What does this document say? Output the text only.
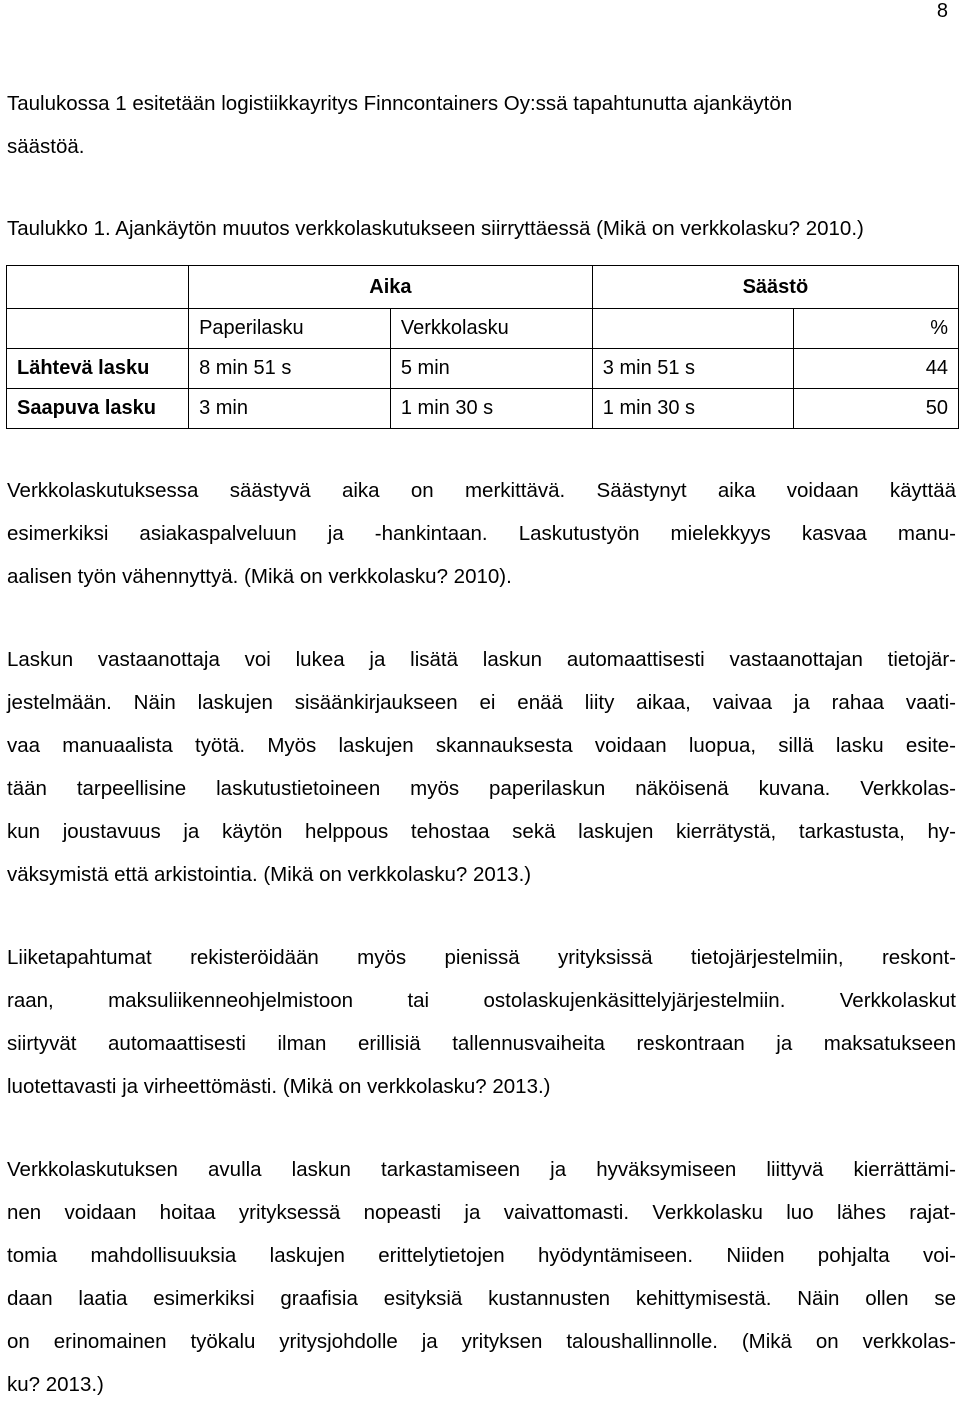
8

Taulukossa 1 esitetään logistiikkayritys Finncontainers Oy:ssä tapahtunutta ajankäytön
säästöä.

Taulukko 1. Ajankäytön muutos verkkolaskutukseen siirryttäessä (Mikä on verkkolasku? 2010.)
	Aika		Säästö	
	Paperilasku	Verkkolasku		%
Lähtevä lasku	8 min 51 s	5 min	3 min 51 s	44
Saapuva lasku	3 min	1 min 30 s	1 min 30 s	50

Verkkolaskutuksessa säästyvä aika on merkittävä. Säästynyt aika voidaan käyttää
esimerkiksi asiakaspalveluun ja -hankintaan. Laskutustyön mielekkyys kasvaa manu-
aalisen työn vähennyttyä. (Mikä on verkkolasku? 2010).

Laskun vastaanottaja voi lukea ja lisätä laskun automaattisesti vastaanottajan tietojär-
jestelmään. Näin laskujen sisäänkirjaukseen ei enää liity aikaa, vaivaa ja rahaa vaati-
vaa manuaalista työtä. Myös laskujen skannauksesta voidaan luopua, sillä lasku esite-
tään tarpeellisine laskutustietoineen myös paperilaskun näköisenä kuvana. Verkkolas-
kun joustavuus ja käytön helppous tehostaa sekä laskujen kierrätystä, tarkastusta, hy-
väksymistä että arkistointia. (Mikä on verkkolasku? 2013.)

Liiketapahtumat rekisteröidään myös pienissä yrityksissä tietojärjestelmiin, reskont-
raan, maksuliikenneohjelmistoon tai ostolaskujenkäsittelyjärjestelmiin. Verkkolaskut
siirtyvät automaattisesti ilman erillisiä tallennusvaiheita reskontraan ja maksatukseen
luotettavasti ja virheettömästi. (Mikä on verkkolasku? 2013.)

Verkkolaskutuksen avulla laskun tarkastamiseen ja hyväksymiseen liittyvä kierrättämi-
nen voidaan hoitaa yrityksessä nopeasti ja vaivattomasti. Verkkolasku luo lähes rajat-
tomia mahdollisuuksia laskujen erittelytietojen hyödyntämiseen. Niiden pohjalta voi-
daan laatia esimerkiksi graafisia esityksiä kustannusten kehittymisestä. Näin ollen se
on erinomainen työkalu yritysjohdolle ja yrityksen taloushallinnolle. (Mikä on verkkolas-
ku? 2013.)
